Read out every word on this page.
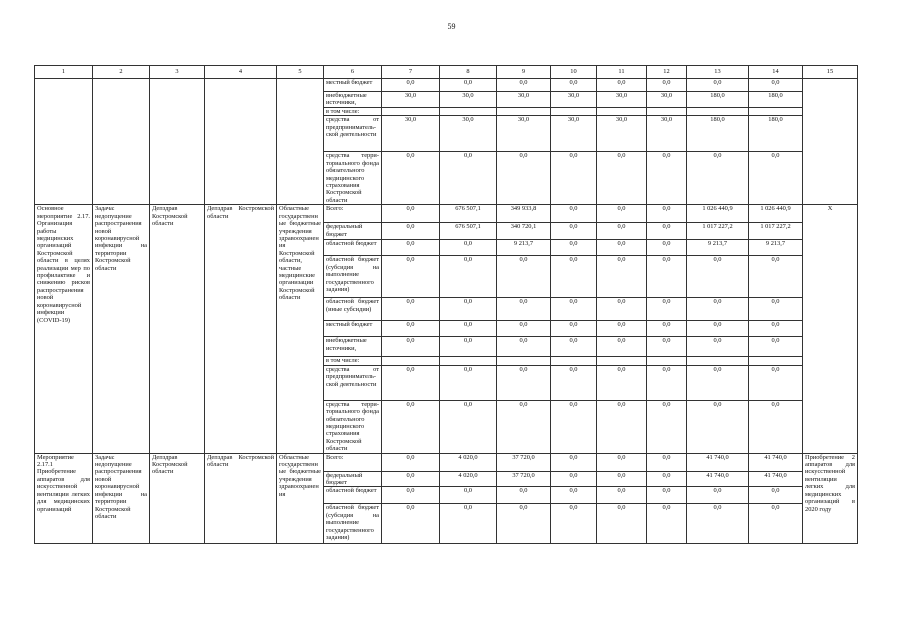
59
1	2	3	4	5	6	7	8	9	10	11	12	13	14	15
					местный бюджет	0,0	0,0	0,0	0,0	0,0	0,0	0,0	0,0	
					внебюджетные источники,	30,0	30,0	30,0	30,0	30,0	30,0	180,0	180,0	
					в том числе:									
					средства от предпринимательской деятельности	30,0	30,0	30,0	30,0	30,0	30,0	180,0	180,0	
					средства территориального фонда обязательного медицинского страхования Костромской области	0,0	0,0	0,0	0,0	0,0	0,0	0,0	0,0	
Основное мероприятие 2.17. Организация работы медицинских организаций Костромской области в целях реализации мер по профилактике и снижению рисков распространения новой коронавирусной инфекции (COVID-19)	Задача: недопущение распространения новой коронавирусной инфекции на территории Костромской области	Депздрав Костромской области	Депздрав Костромской области	Областные государственные бюджетные учреждения здравоохранения Костромской области, частные медицинские организации Костромской области	Всего:	0,0	676 507,1	349 933,8	0,0	0,0	0,0	1 026 440,9	1 026 440,9	Х
					федеральный бюджет	0,0	676 507,1	340 720,1	0,0	0,0	0,0	1 017 227,2	1 017 227,2	
					областной бюджет	0,0	0,0	9 213,7	0,0	0,0	0,0	9 213,7	9 213,7	
					областной бюджет (субсидия на выполнение государственного задания)	0,0	0,0	0,0	0,0	0,0	0,0	0,0	0,0	
					областной бюджет (иные субсидии)	0,0	0,0	0,0	0,0	0,0	0,0	0,0	0,0	
					местный бюджет	0,0	0,0	0,0	0,0	0,0	0,0	0,0	0,0	
					внебюджетные источники,	0,0	0,0	0,0	0,0	0,0	0,0	0,0	0,0	
					в том числе:									
					средства от предпринимательской деятельности	0,0	0,0	0,0	0,0	0,0	0,0	0,0	0,0	
					средства территориального фонда обязательного медицинского страхования Костромской области	0,0	0,0	0,0	0,0	0,0	0,0	0,0	0,0	
Мероприятие 2.17.1 Приобретение аппаратов для искусственной вентиляции легких для медицинских организаций	Задача: недопущение распространения новой коронавирусной инфекции на территории Костромской области	Депздрав Костромской области	Депздрав Костромской области	Областные государственные бюджетные учреждения здравоохранения	Всего:	0,0	4 020,0	37 720,0	0,0	0,0	0,0	41 740,0	41 740,0	Приобретение 2 аппаратов для искусственной вентиляции легких для медицинских организаций в 2020 году
					федеральный бюджет	0,0	4 020,0	37 720,0	0,0	0,0	0,0	41 740,0	41 740,0	
					областной бюджет	0,0	0,0	0,0	0,0	0,0	0,0	0,0	0,0	
					областной бюджет (субсидия на выполнение государственного задания)	0,0	0,0	0,0	0,0	0,0	0,0	0,0	0,0	
